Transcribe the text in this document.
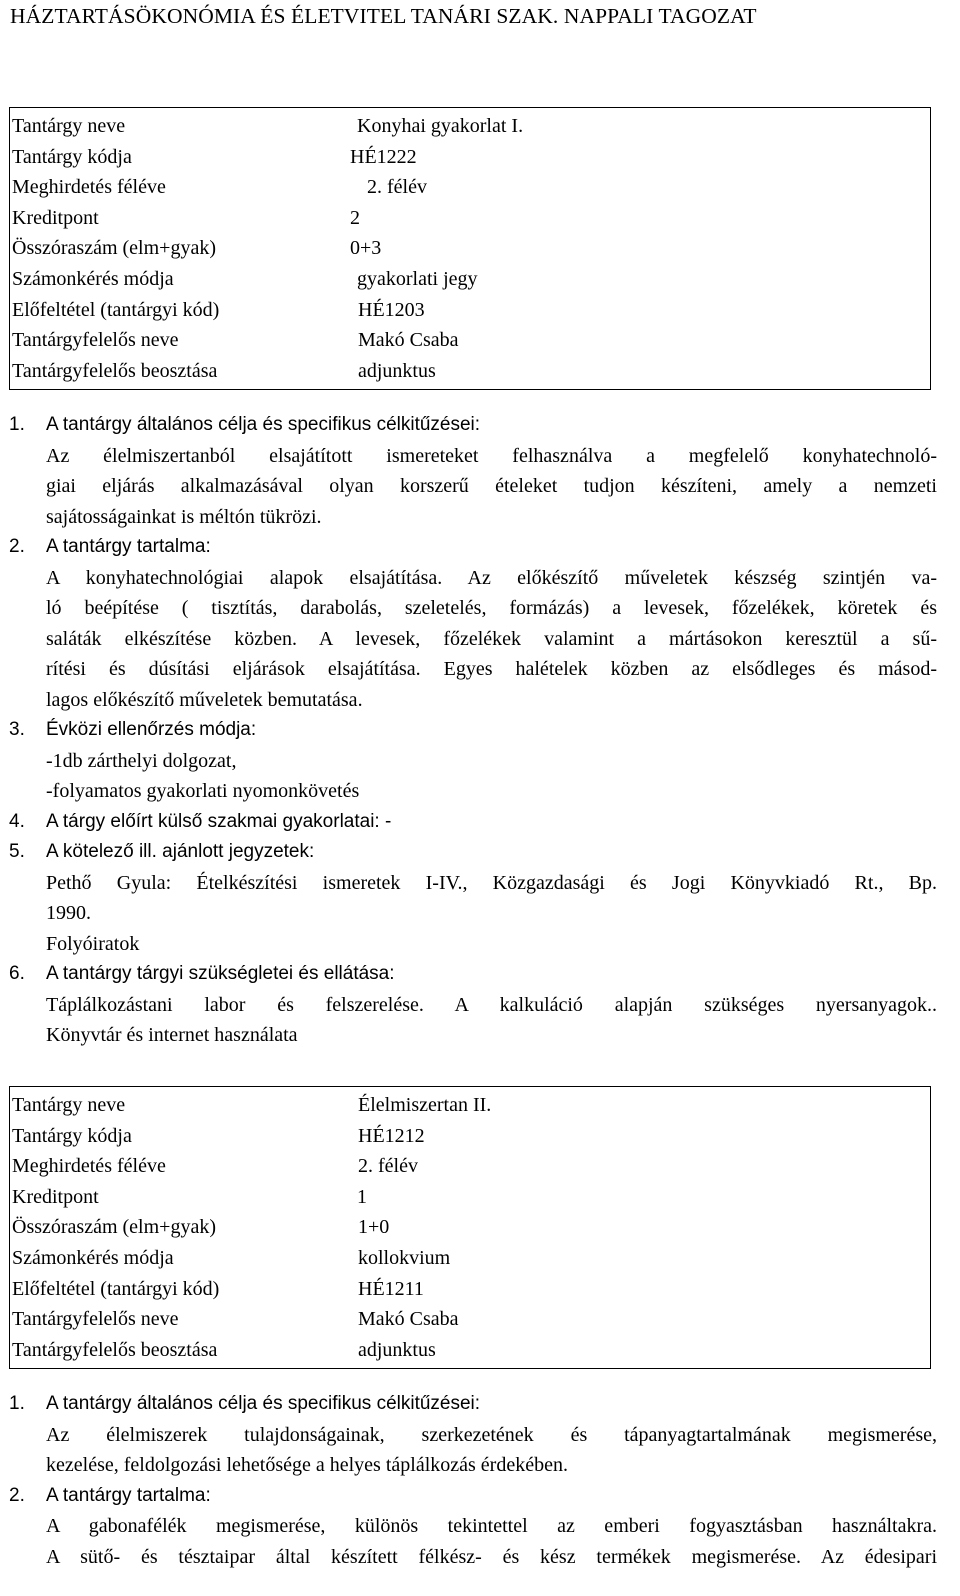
HÁZTARTÁSÖKONÓMIA ÉS ÉLETVITEL TANÁRI SZAK. NAPPALI TAGOZAT
Tantárgy neve	Konyhai gyakorlat I.
Tantárgy kódja	HÉ1222
Meghirdetés féléve	2. félév
Kreditpont	2
Összóraszám (elm+gyak)	0+3
Számonkérés módja	gyakorlati jegy
Előfeltétel (tantárgyi kód)	HÉ1203
Tantárgyfelelős neve	Makó Csaba
Tantárgyfelelős beosztása	adjunktus
1. A tantárgy általános célja és specifikus célkitűzései:
Az élelmiszertanból elsajátított ismereteket felhasználva a megfelelő konyhatechnoló-
giai eljárás alkalmazásával olyan korszerű ételeket tudjon készíteni, amely a nemzeti
sajátosságainkat is méltón tükrözi.
2. A tantárgy tartalma:
A konyhatechnológiai alapok elsajátítása. Az előkészítő műveletek készség szintjén va-
ló beépítése ( tisztítás, darabolás, szeletelés, formázás) a levesek, főzelékek, köretek és
saláták elkészítése közben. A levesek, főzelékek valamint a mártásokon keresztül a sű-
rítési és dúsítási eljárások elsajátítása. Egyes halételek közben az elsődleges és másod-
lagos előkészítő műveletek bemutatása.
3. Évközi ellenőrzés módja:
-1db zárthelyi dolgozat,
-folyamatos gyakorlati nyomonkövetés
4. A tárgy előírt külső szakmai gyakorlatai: -
5. A kötelező ill. ajánlott jegyzetek:
Pethő Gyula: Ételkészítési ismeretek I-IV., Közgazdasági és Jogi Könyvkiadó Rt., Bp.
1990.
Folyóiratok
6. A tantárgy tárgyi szükségletei és ellátása:
Táplálkozástani labor és felszerelése. A kalkuláció alapján szükséges nyersanyagok..
Könyvtár és internet használata
Tantárgy neve	Élelmiszertan II.
Tantárgy kódja	HÉ1212
Meghirdetés féléve	2. félév
Kreditpont	1
Összóraszám (elm+gyak)	1+0
Számonkérés módja	kollokvium
Előfeltétel (tantárgyi kód)	HÉ1211
Tantárgyfelelős neve	Makó Csaba
Tantárgyfelelős beosztása	adjunktus
1. A tantárgy általános célja és specifikus célkitűzései:
Az élelmiszerek tulajdonságainak, szerkezetének és tápanyagtartalmának megismerése,
kezelése, feldolgozási lehetősége a helyes táplálkozás érdekében.
2. A tantárgy tartalma:
A gabonafélék megismerése, különös tekintettel az emberi fogyasztásban használtakra.
A sütő- és tésztaipar által készített félkész- és kész termékek megismerése. Az édesipari
